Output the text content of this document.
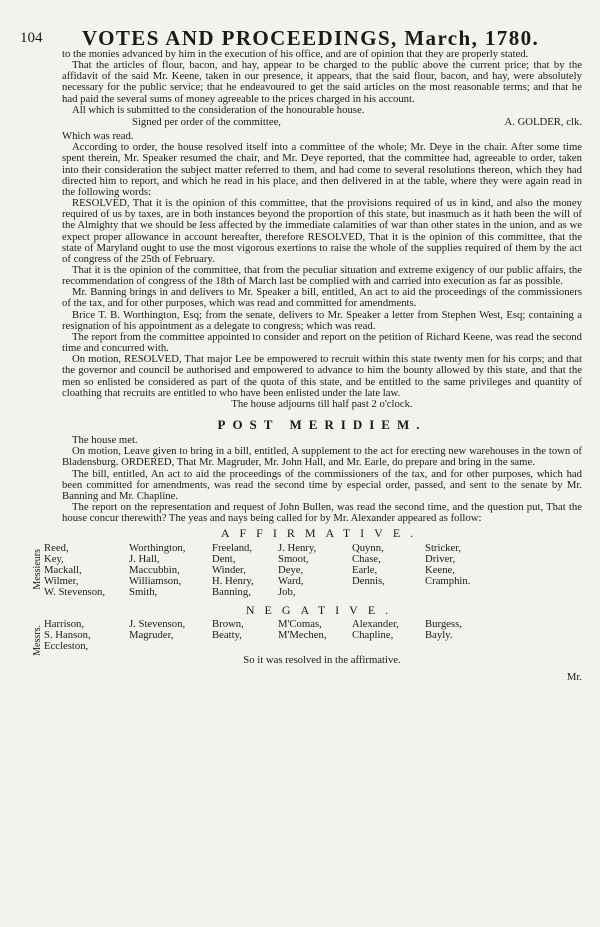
104 VOTES AND PROCEEDINGS, March, 1780.

to the monies advanced by him in the execution of his office, and are of opinion that they are properly stated.

That the articles of flour, bacon, and hay, appear to be charged to the public above the current price; that by the affidavit of the said Mr. Keene, taken in our presence, it appears, that the said flour, bacon, and hay, were absolutely necessary for the public service; that he endeavoured to get the said articles on the most reasonable terms; and that he had paid the several sums of money agreeable to the prices charged in his account.

All which is submitted to the consideration of the honourable house.

Signed per order of the committee,	A. GOLDER, clk.

Which was read.

According to order, the house resolved itself into a committee of the whole; Mr. Deye in the chair. After some time spent therein, Mr. Speaker resumed the chair, and Mr. Deye reported, that the committee had, agreeable to order, taken into their consideration the subject matter referred to them, and had come to several resolutions thereon, which they had directed him to report, and which he read in his place, and then delivered in at the table, where they were again read in the following words:

RESOLVED, That it is the opinion of this committee, that the provisions required of us in kind, and also the money required of us by taxes, are in both instances beyond the proportion of this state, but inasmuch as it hath been the will of the Almighty that we should be less affected by the immediate calamities of war than other states in the union, and as we expect proper allowance in account hereafter, therefore RESOLVED, That it is the opinion of this committee, that the state of Maryland ought to use the most vigorous exertions to raise the whole of the supplies required of them by the act of congress of the 25th of February.

That it is the opinion of the committee, that from the peculiar situation and extreme exigency of our public affairs, the recommendation of congress of the 18th of March last be complied with and carried into execution as far as possible.

Mr. Banning brings in and delivers to Mr. Speaker a bill, entitled, An act to aid the proceedings of the commissioners of the tax, and for other purposes, which was read and committed for amendments.

Brice T. B. Worthington, Esq; from the senate, delivers to Mr. Speaker a letter from Stephen West, Esq; containing a resignation of his appointment as a delegate to congress; which was read.

The report from the committee appointed to consider and report on the petition of Richard Keene, was read the second time and concurred with.

On motion, RESOLVED, That major Lee be empowered to recruit within this state twenty men for his corps; and that the governor and council be authorised and empowered to advance to him the bounty allowed by this state, and that the men so enlisted be considered as part of the quota of this state, and be entitled to the same privileges and quantity of cloathing that recruits are entitled to who have been enlisted under the late law.

The house adjourns till half past 2 o'clock.

POST MERIDIEM.

The house met.

On motion, Leave given to bring in a bill, entitled, A supplement to the act for erecting new warehouses in the town of Bladensburg. ORDERED, That Mr. Magruder, Mr. John Hall, and Mr. Earle, do prepare and bring in the same.

The bill, entitled, An act to aid the proceedings of the commissioners of the tax, and for other purposes, which had been committed for amendments, was read the second time by especial order, passed, and sent to the senate by Mr. Banning and Mr. Chapline.

The report on the representation and request of John Bullen, was read the second time, and the question put, That the house concur therewith? The yeas and nays being called for by Mr. Alexander appeared as follow:

AFFIRMATIVE.
Messieurs
Reed,
Key,
Mackall,
Wilmer,
W. Stevenson,
Worthington,
J. Hall,
Maccubbin,
Williamson,
Smith,
Freeland,
Dent,
Winder,
H. Henry,
Banning,
J. Henry,
Smoot,
Deye,
Ward,
Job,
Quynn,
Chase,
Earle,
Dennis,
Stricker,
Driver,
Keene,
Cramphin.
NEGATIVE.
Messrs.
Harrison,
S. Hanson,
Eccleston,
J. Stevenson,
Magruder,
Brown,
Beatty,
M'Comas,
M'Mechen,
Alexander,
Chapline,
Burgess,
Bayly.

So it was resolved in the affirmative.

Mr.
